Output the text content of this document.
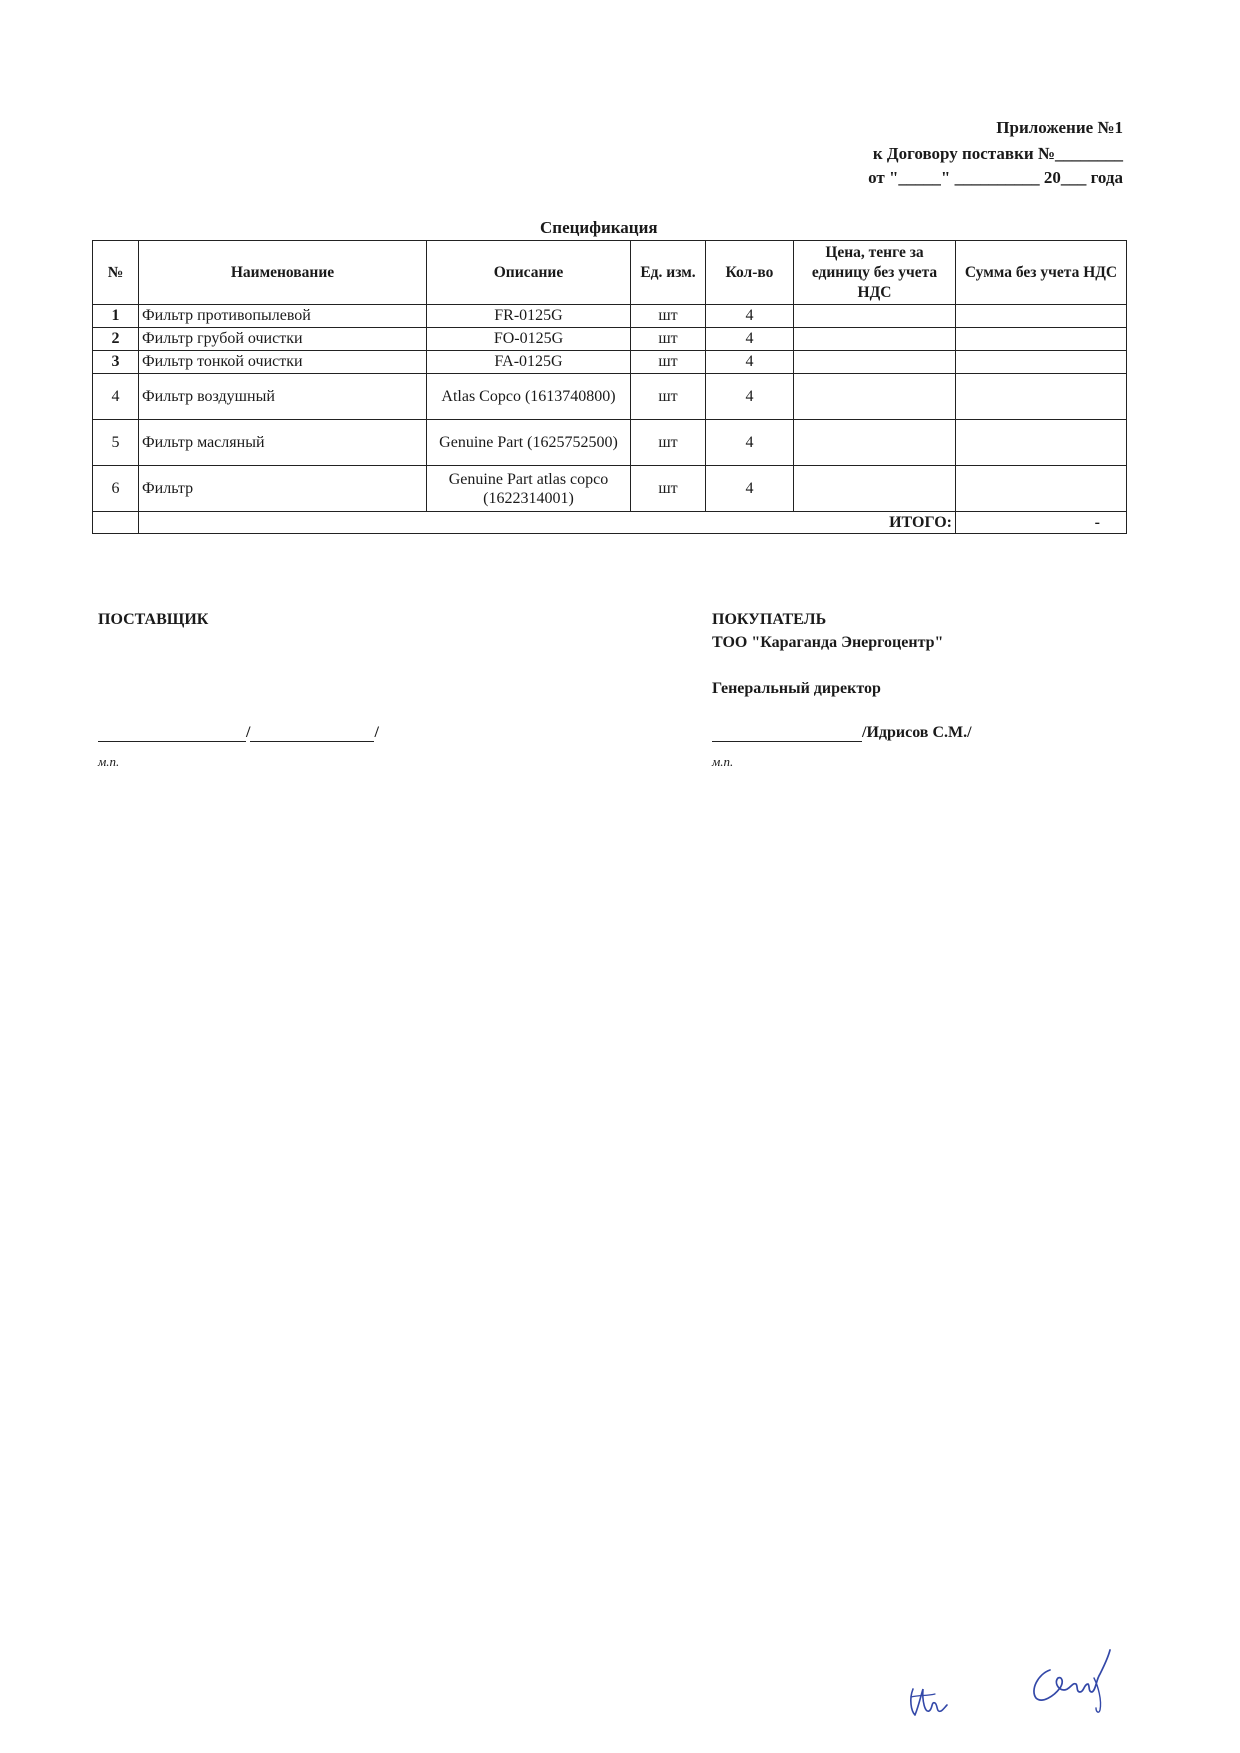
Приложение №1
к Договору поставки №________
от "_____" __________ 20___ года
Спецификация
№	Наименование	Описание	Ед. изм.	Кол-во	Цена, тенге за единицу без учета НДС	Сумма без учета НДС
1	Фильтр противопылевой	FR-0125G	шт	4		
2	Фильтр грубой очистки	FO-0125G	шт	4		
3	Фильтр тонкой очистки	FA-0125G	шт	4		
4	Фильтр воздушный	Atlas Copco (1613740800)	шт	4		
5	Фильтр масляный	Genuine Part (1625752500)	шт	4		
6	Фильтр	Genuine Part atlas copco (1622314001)	шт	4		
	ИТОГО:					-
ПОСТАВЩИК
/	/
м.п.
ПОКУПАТЕЛЬ
ТОО "Караганда Энергоцентр"
Генеральный директор
/Идрисов С.М./
м.п.
